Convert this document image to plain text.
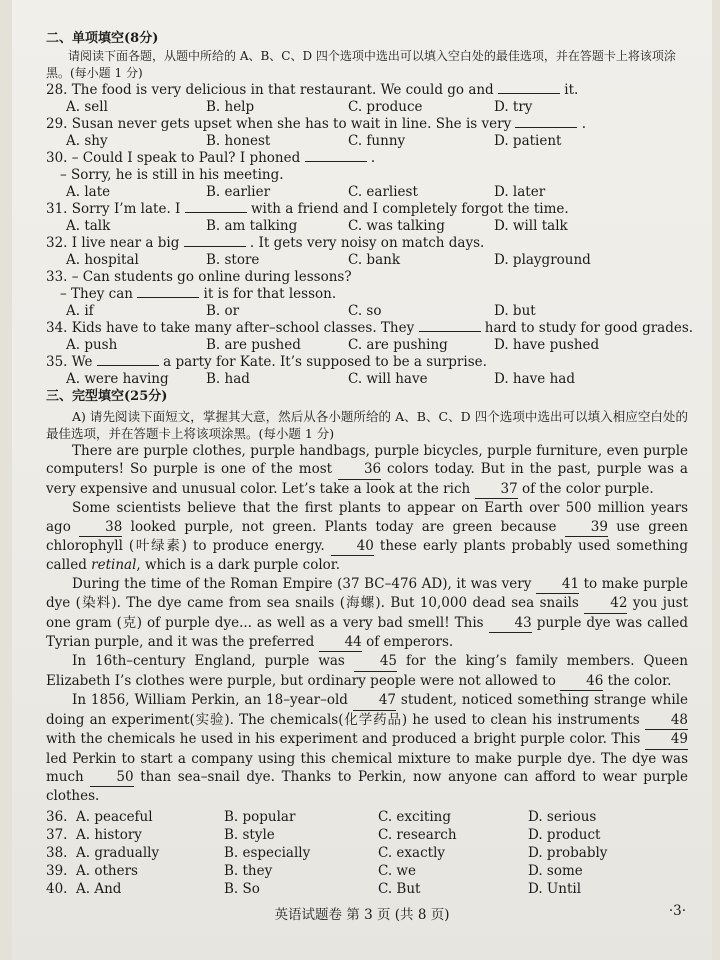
二、单项填空(8分)
请阅读下面各题，从题中所给的 A、B、C、D 四个选项中选出可以填入空白处的最佳选项，并在答题卡上将该项涂黑。(每小题 1 分)
28. The food is very delicious in that restaurant. We could go and	it.
A. sell	B. help	C. produce	D. try
29. Susan never gets upset when she has to wait in line. She is very	.
A. shy	B. honest	C. funny	D. patient
30. – Could I speak to Paul? I phoned	.
– Sorry, he is still in his meeting.
A. late	B. earlier	C. earliest	D. later
31. Sorry I’m late. I	with a friend and I completely forgot the time.
A. talk	B. am talking	C. was talking	D. will talk
32. I live near a big	. It gets very noisy on match days.
A. hospital	B. store	C. bank	D. playground
33. – Can students go online during lessons?
– They can	it is for that lesson.
A. if	B. or	C. so	D. but
34. Kids have to take many after–school classes. They	hard to study for good grades.
A. push	B. are pushed	C. are pushing	D. have pushed
35. We	a party for Kate. It’s supposed to be a surprise.
A. were having	B. had	C. will have	D. have had
三、完型填空(25分)

A) 请先阅读下面短文，掌握其大意，然后从各小题所给的 A、B、C、D 四个选项中选出可以填入相应空白处的最佳选项，并在答题卡上将该项涂黑。(每小题 1 分)

There are purple clothes, purple handbags, purple bicycles, purple furniture, even purple computers! So purple is one of the most 36 colors today. But in the past, purple was a very expensive and unusual color. Let’s take a look at the rich 37 of the color purple.

Some scientists believe that the first plants to appear on Earth over 500 million years ago 38 looked purple, not green. Plants today are green because 39 use green chlorophyll (叶绿素) to produce energy. 40 these early plants probably used something called retinal, which is a dark purple color.

During the time of the Roman Empire (37 BC–476 AD), it was very 41 to make purple dye (染料). The dye came from sea snails (海螺). But 10,000 dead sea snails 42 you just one gram (克) of purple dye... as well as a very bad smell! This 43 purple dye was called Tyrian purple, and it was the preferred 44 of emperors.

In 16th–century England, purple was 45 for the king’s family members. Queen Elizabeth I’s clothes were purple, but ordinary people were not allowed to 46 the color.

In 1856, William Perkin, an 18–year–old 47 student, noticed something strange while doing an experiment(实验). The chemicals(化学药品) he used to clean his instruments 48 with the chemicals he used in his experiment and produced a bright purple color. This 49 led Perkin to start a company using this chemical mixture to make purple dye. The dye was much 50 than sea–snail dye. Thanks to Perkin, now anyone can afford to wear purple clothes.

36. A. peaceful	B. popular	C. exciting	D. serious
37. A. history	B. style	C. research	D. product
38. A. gradually	B. especially	C. exactly	D. probably
39. A. others	B. they	C. we	D. some
40. A. And	B. So	C. But	D. Until
英语试题卷 第 3 页 (共 8 页)	·3·
